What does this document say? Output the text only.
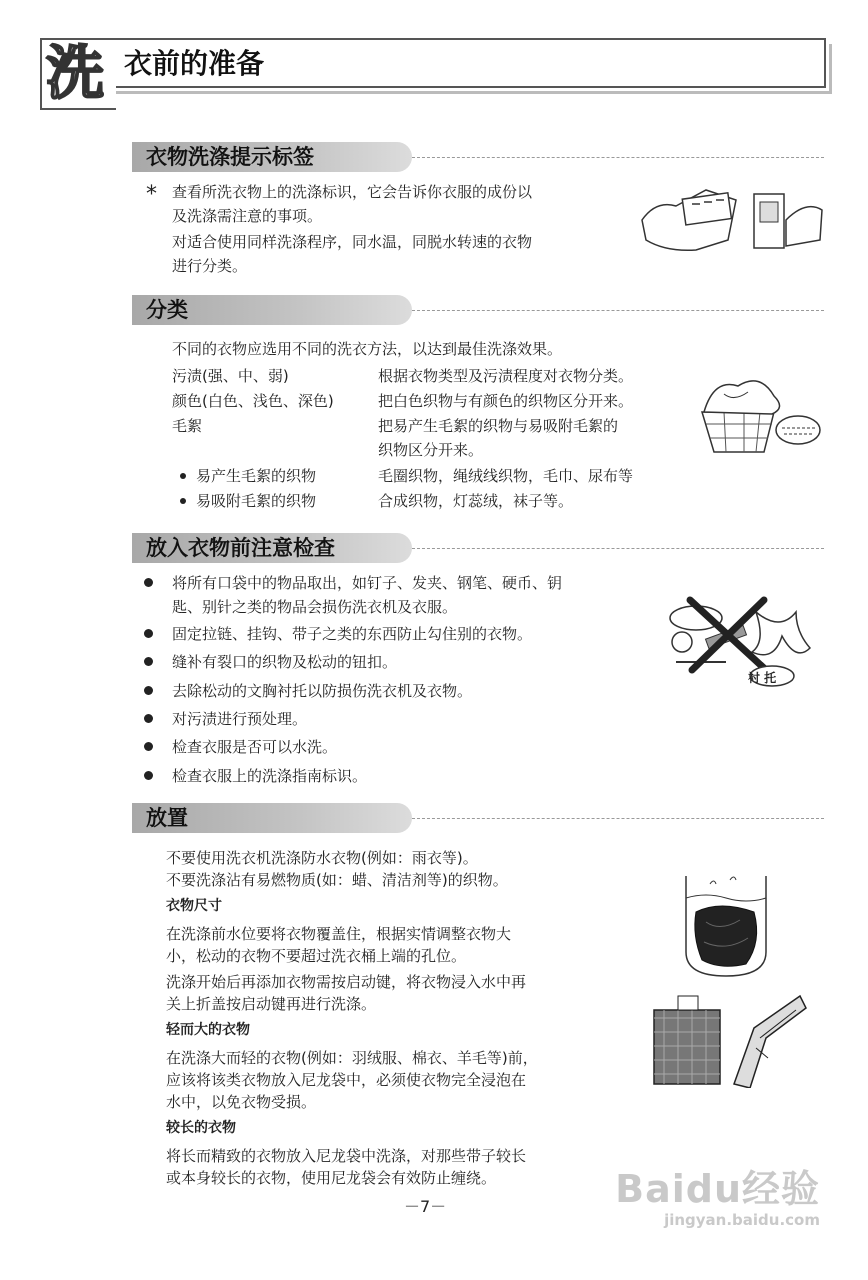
洗 衣前的准备
衣物洗涤提示标签
* 查看所洗衣物上的洗涤标识，它会告诉你衣服的成份以
及洗涤需注意的事项。
对适合使用同样洗涤程序，同水温，同脱水转速的衣物
进行分类。
分类
不同的衣物应选用不同的洗衣方法，以达到最佳洗涤效果。
污渍(强、中、弱)	根据衣物类型及污渍程度对衣物分类。
颜色(白色、浅色、深色)	把白色织物与有颜色的织物区分开来。
毛絮	把易产生毛絮的织物与易吸附毛絮的
织物区分开来。
易产生毛絮的织物	毛圈织物，绳绒线织物，毛巾、尿布等
易吸附毛絮的织物	合成织物，灯蕊绒，袜子等。
放入衣物前注意检查
将所有口袋中的物品取出，如钉子、发夹、钢笔、硬币、钥
匙、别针之类的物品会损伤洗衣机及衣服。
固定拉链、挂钩、带子之类的东西防止勾住别的衣物。
缝补有裂口的织物及松动的钮扣。
去除松动的文胸衬托以防损伤洗衣机及衣物。
对污渍进行预处理。
检查衣服是否可以水洗。
检查衣服上的洗涤指南标识。
衬 托
放置
不要使用洗衣机洗涤防水衣物(例如：雨衣等)。
不要洗涤沾有易燃物质(如：蜡、清洁剂等)的织物。
衣物尺寸
在洗涤前水位要将衣物覆盖住，根据实情调整衣物大
小，松动的衣物不要超过洗衣桶上端的孔位。
洗涤开始后再添加衣物需按启动键，将衣物浸入水中再
关上折盖按启动键再进行洗涤。
轻而大的衣物
在洗涤大而轻的衣物(例如：羽绒服、棉衣、羊毛等)前，
应该将该类衣物放入尼龙袋中，必须使衣物完全浸泡在
水中，以免衣物受损。
较长的衣物
将长而精致的衣物放入尼龙袋中洗涤，对那些带子较长
或本身较长的衣物，使用尼龙袋会有效防止缠绕。
－7－	Baidu经验
jingyan.baidu.com
